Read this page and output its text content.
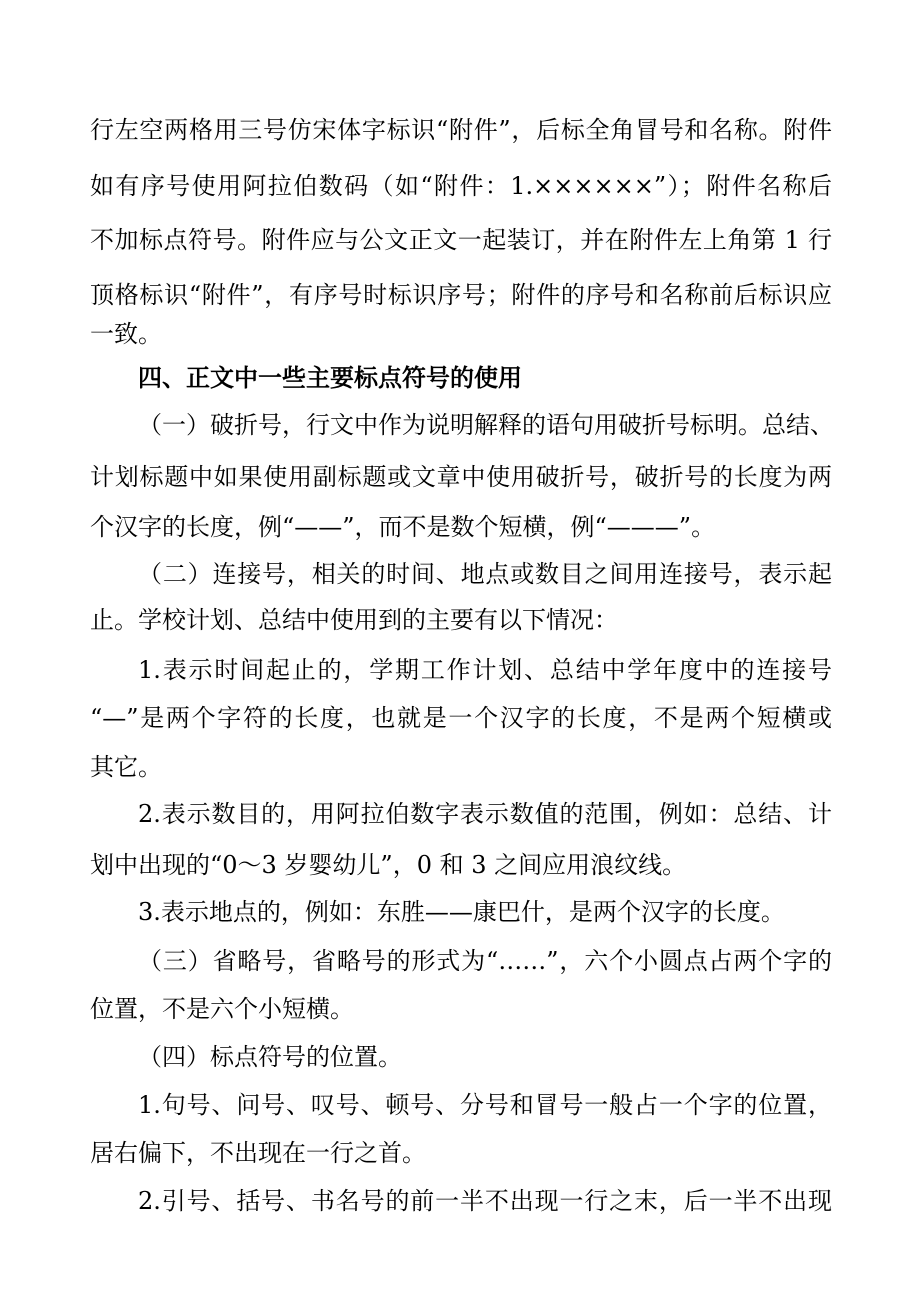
行左空两格用三号仿宋体字标识“附件”，后标全角冒号和名称。附件
如有序号使用阿拉伯数码（如“附件：1.××××××”）；附件名称后
不加标点符号。附件应与公文正文一起装订，并在附件左上角第 1 行
顶格标识“附件”，有序号时标识序号；附件的序号和名称前后标识应
一致。
四、正文中一些主要标点符号的使用
（一）破折号，行文中作为说明解释的语句用破折号标明。总结、
计划标题中如果使用副标题或文章中使用破折号，破折号的长度为两
个汉字的长度，例“——”，而不是数个短横，例“———”。
（二）连接号，相关的时间、地点或数目之间用连接号，表示起
止。学校计划、总结中使用到的主要有以下情况：
1.表示时间起止的，学期工作计划、总结中学年度中的连接号
“—”是两个字符的长度，也就是一个汉字的长度，不是两个短横或
其它。
2.表示数目的，用阿拉伯数字表示数值的范围，例如：总结、计
划中出现的“0～3 岁婴幼儿”，0 和 3 之间应用浪纹线。
3.表示地点的，例如：东胜——康巴什，是两个汉字的长度。
（三）省略号，省略号的形式为“……”，六个小圆点占两个字的
位置，不是六个小短横。
（四）标点符号的位置。
1.句号、问号、叹号、顿号、分号和冒号一般占一个字的位置，
居右偏下，不出现在一行之首。
2.引号、括号、书名号的前一半不出现一行之末，后一半不出现
